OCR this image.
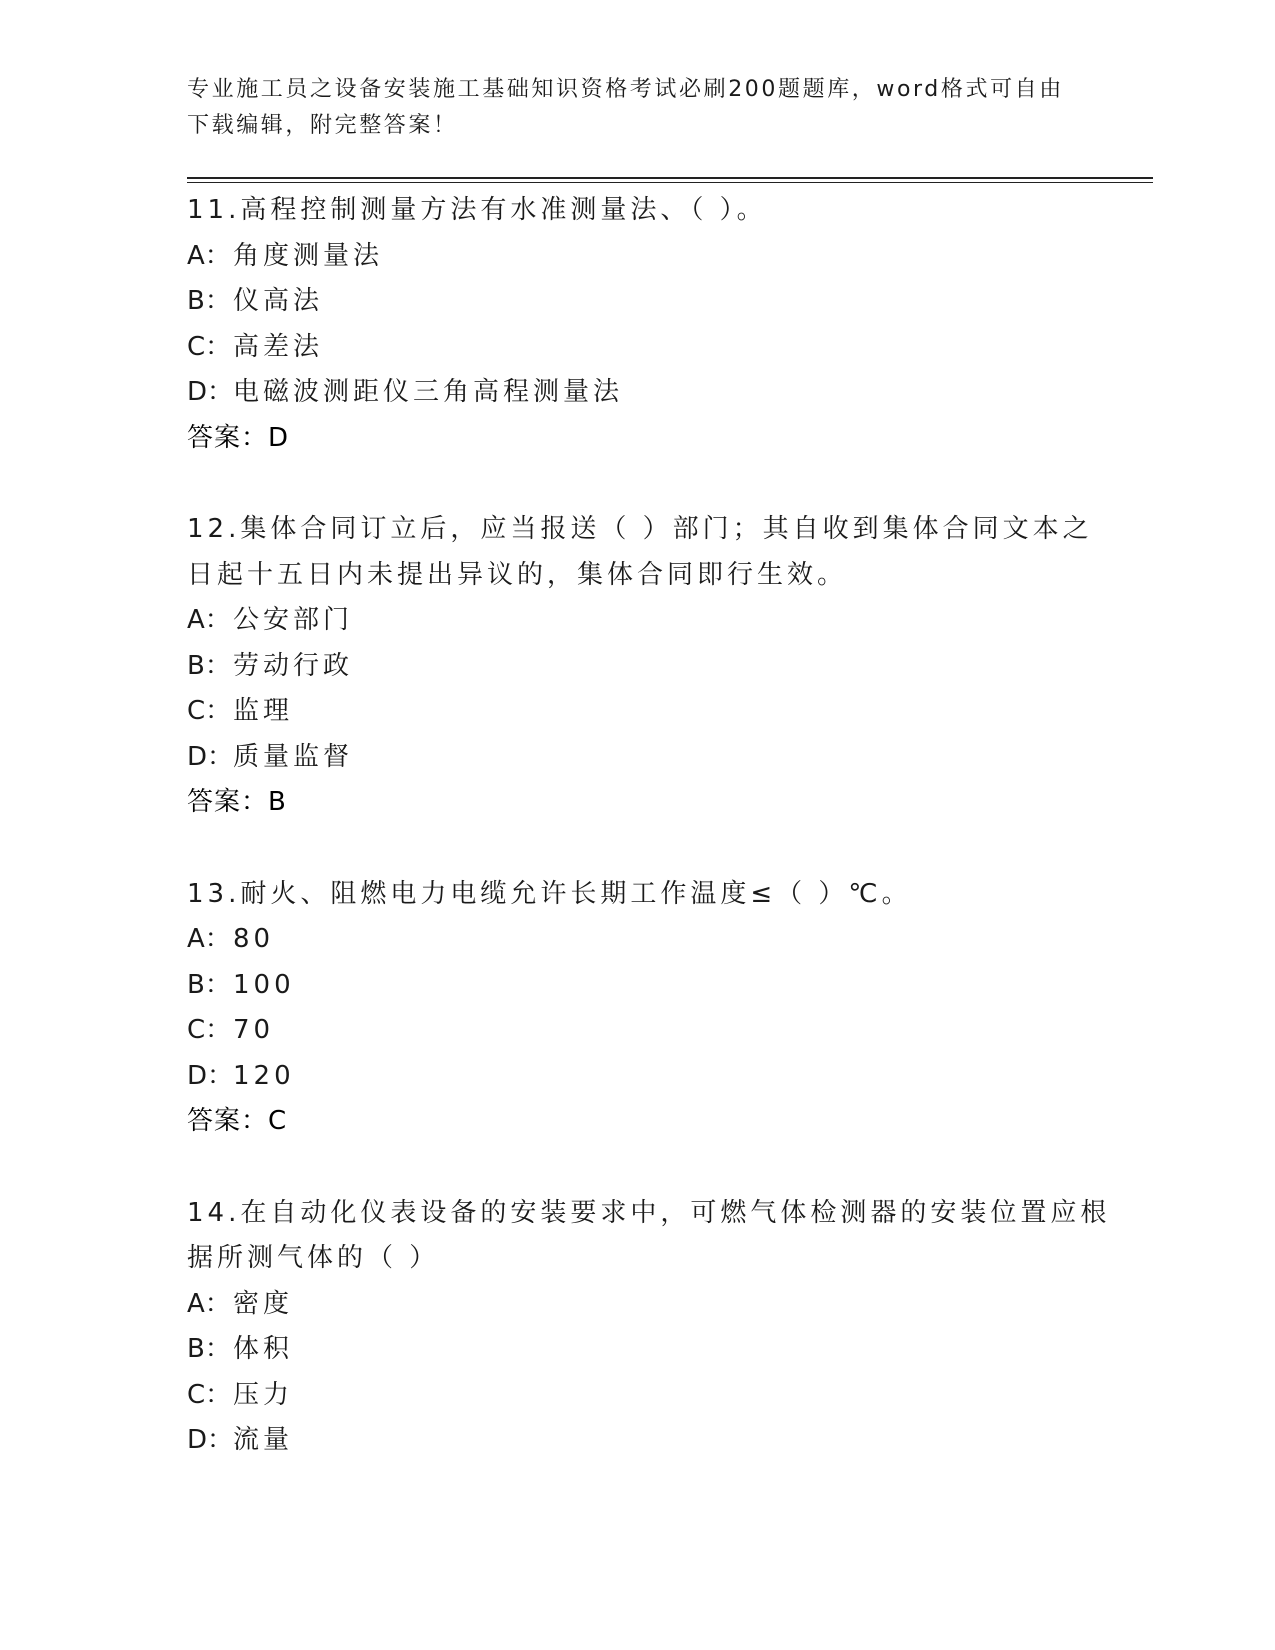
专业施工员之设备安装施工基础知识资格考试必刷200题题库，word格式可自由
下载编辑，附完整答案！
11.高程控制测量方法有水准测量法、（ ）。
A：角度测量法
B：仪高法
C：高差法
D：电磁波测距仪三角高程测量法
答案：D
12.集体合同订立后，应当报送（ ）部门；其自收到集体合同文本之
日起十五日内未提出异议的，集体合同即行生效。
A：公安部门
B：劳动行政
C：监理
D：质量监督
答案：B
13.耐火、阻燃电力电缆允许长期工作温度≤（ ）℃。
A：80
B：100
C：70
D：120
答案：C
14.在自动化仪表设备的安装要求中，可燃气体检测器的安装位置应根
据所测气体的（ ）
A：密度
B：体积
C：压力
D：流量
